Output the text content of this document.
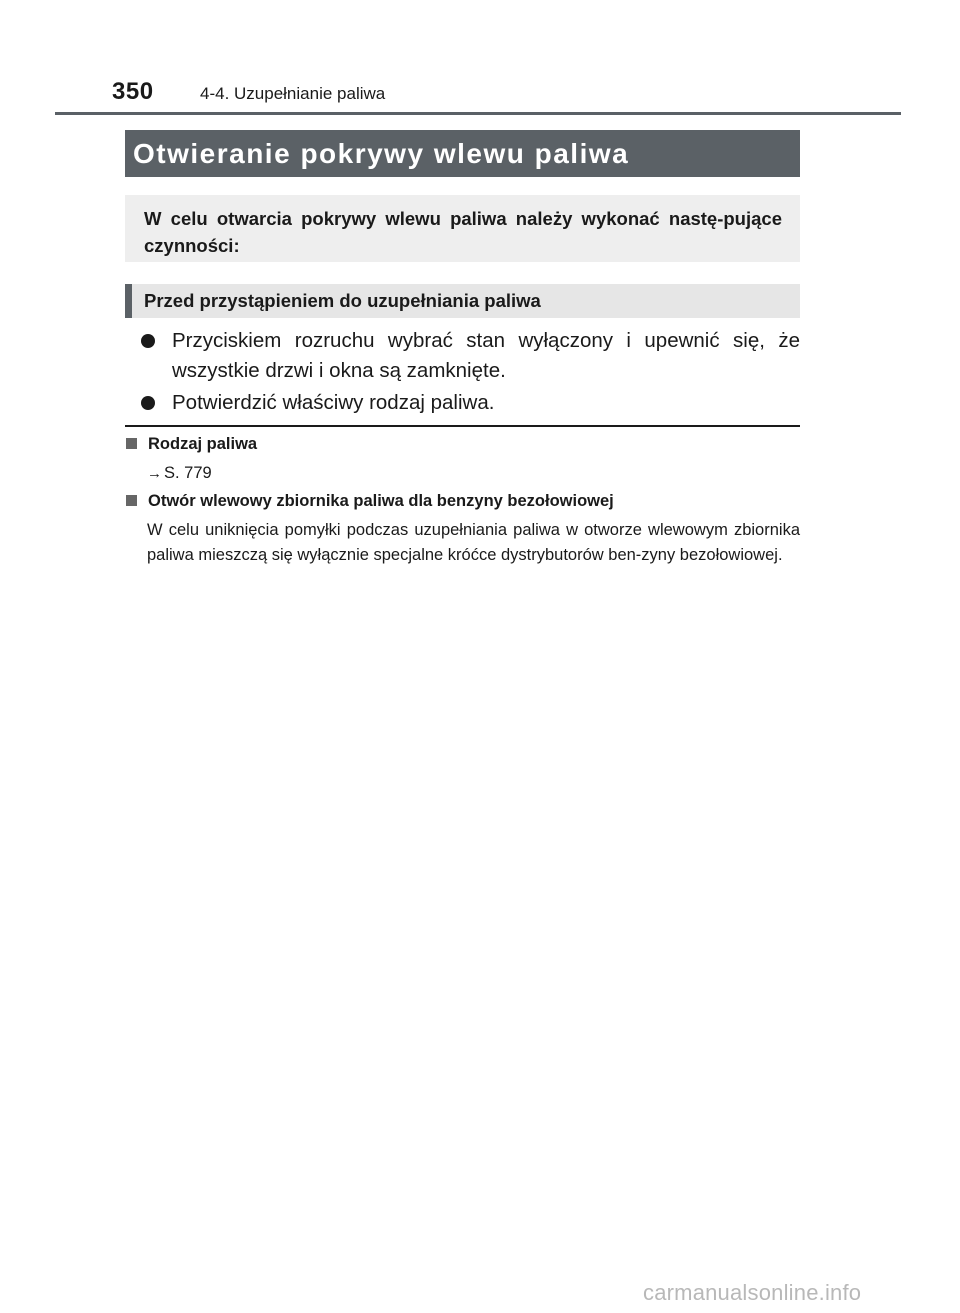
350	4-4. Uzupełnianie paliwa
Otwieranie pokrywy wlewu paliwa
W celu otwarcia pokrywy wlewu paliwa należy wykonać nastę-pujące czynności:
Przed przystąpieniem do uzupełniania paliwa
Przyciskiem rozruchu wybrać stan wyłączony i upewnić się, że wszystkie drzwi i okna są zamknięte.
Potwierdzić właściwy rodzaj paliwa.
Rodzaj paliwa
→ S. 779
Otwór wlewowy zbiornika paliwa dla benzyny bezołowiowej
W celu uniknięcia pomyłki podczas uzupełniania paliwa w otworze wlewowym zbiornika paliwa mieszczą się wyłącznie specjalne króćce dystrybutorów ben-zyny bezołowiowej.
carmanualsonline.info
